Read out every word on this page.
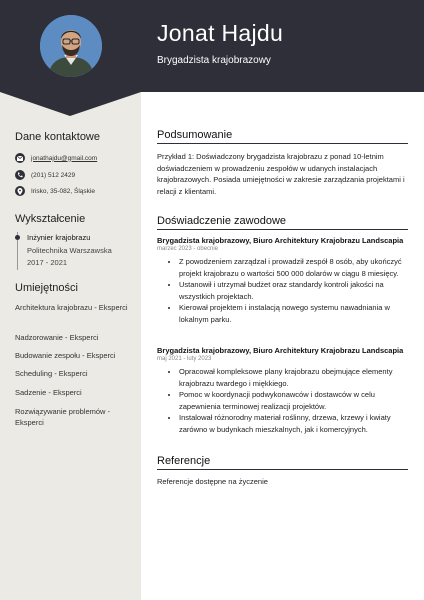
Jonat Hajdu
Brygadzista krajobrazowy
Dane kontaktowe
jonathajdu@gmail.com
(201) 512 2429
Irisko, 35-082, Śląskie
Wykształcenie
Inżynier krajobrazu
Politechnika Warszawska
2017 - 2021
Umiejętności
Architektura krajobrazu - Eksperci
Nadzorowanie - Eksperci
Budowanie zespołu - Eksperci
Scheduling - Eksperci
Sadzenie - Eksperci
Rozwiązywanie problemów - Eksperci
Podsumowanie
Przykład 1: Doświadczony brygadzista krajobrazu z ponad 10-letnim doświadczeniem w prowadzeniu zespołów w udanych instalacjach krajobrazowych. Posiada umiejętności w zakresie zarządzania projektami i relacji z klientami.
Doświadczenie zawodowe
Brygadzista krajobrazowy, Biuro Architektury Krajobrazu Landscapia
marzec 2023 - obecnie
• Z powodzeniem zarządzał i prowadził zespół 8 osób, aby ukończyć projekt krajobrazu o wartości 500 000 dolarów w ciągu 8 miesięcy.
• Ustanowił i utrzymał budżet oraz standardy kontroli jakości na wszystkich projektach.
• Kierował projektem i instalacją nowego systemu nawadniania w lokalnym parku.
Brygadzista krajobrazowy, Biuro Architektury Krajobrazu Landscapia
maj 2021 - luty 2023
• Opracował kompleksowe plany krajobrazu obejmujące elementy krajobrazu twardego i miękkiego.
• Pomoc w koordynacji podwykonawców i dostawców w celu zapewnienia terminowej realizacji projektów.
• Instalował różnorodny materiał roślinny, drzewa, krzewy i kwiaty zarówno w budynkach mieszkalnych, jak i komercyjnych.
Referencje
Referencje dostępne na życzenie
